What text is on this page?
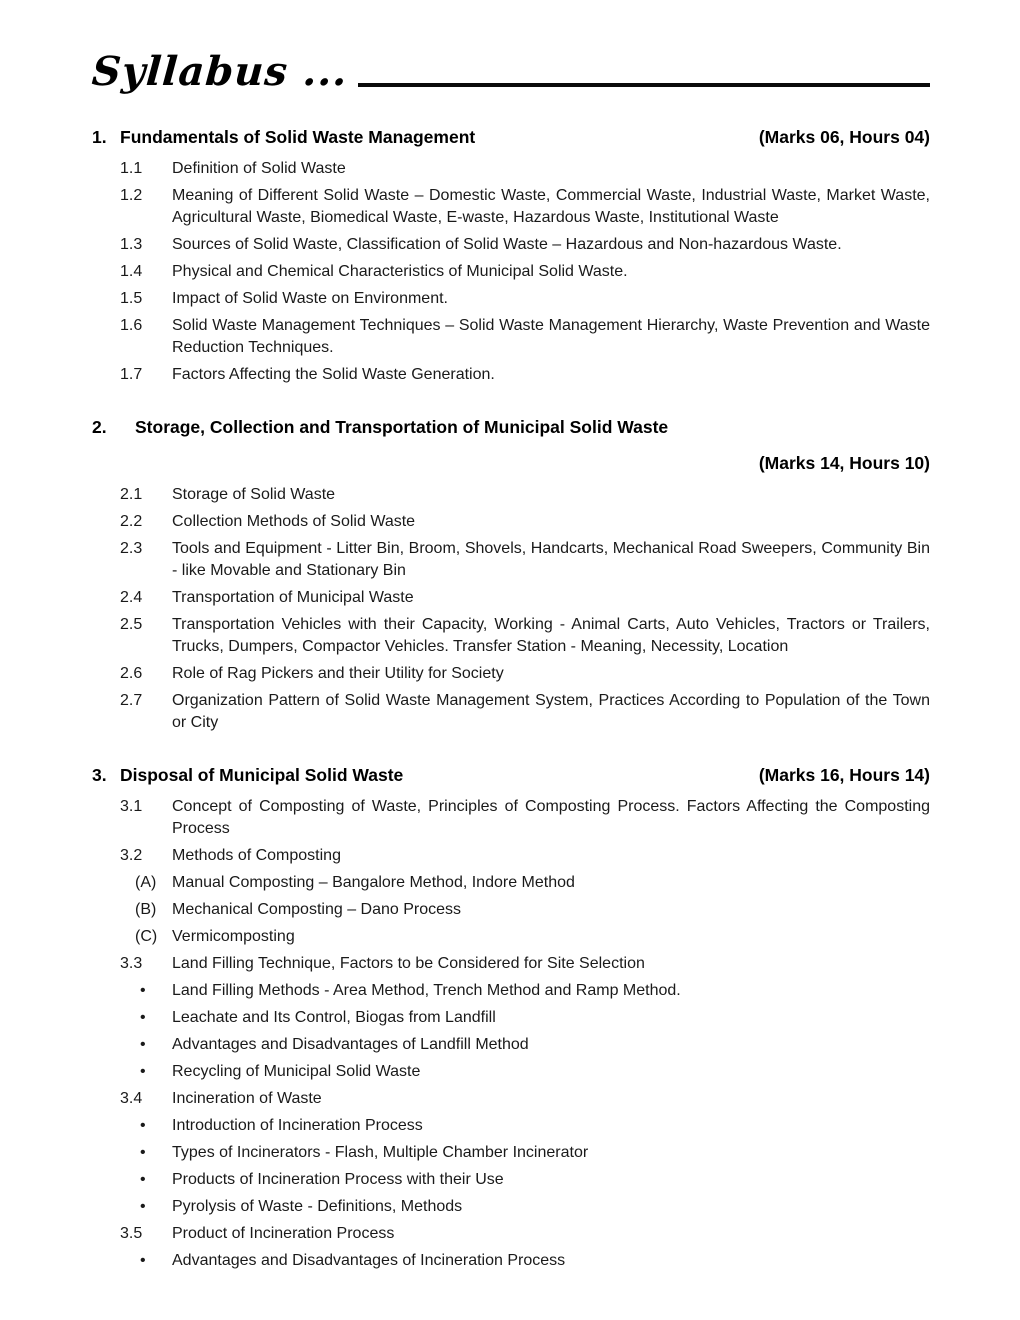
Syllabus ...
1. Fundamentals of Solid Waste Management	(Marks 06, Hours 04)
1.1	Definition of Solid Waste
1.2	Meaning of Different Solid Waste – Domestic Waste, Commercial Waste, Industrial Waste, Market Waste, Agricultural Waste, Biomedical Waste, E-waste, Hazardous Waste, Institutional Waste
1.3	Sources of Solid Waste, Classification of Solid Waste – Hazardous and Non-hazardous Waste.
1.4	Physical and Chemical Characteristics of Municipal Solid Waste.
1.5	Impact of Solid Waste on Environment.
1.6	Solid Waste Management Techniques – Solid Waste Management Hierarchy, Waste Prevention and Waste Reduction Techniques.
1.7	Factors Affecting the Solid Waste Generation.
2.	Storage, Collection and Transportation of Municipal Solid Waste
(Marks 14, Hours 10)
2.1	Storage of Solid Waste
2.2	Collection Methods of Solid Waste
2.3	Tools and Equipment - Litter Bin, Broom, Shovels, Handcarts, Mechanical Road Sweepers, Community Bin - like Movable and Stationary Bin
2.4	Transportation of Municipal Waste
2.5	Transportation Vehicles with their Capacity, Working - Animal Carts, Auto Vehicles, Tractors or Trailers, Trucks, Dumpers, Compactor Vehicles. Transfer Station - Meaning, Necessity, Location
2.6	Role of Rag Pickers and their Utility for Society
2.7	Organization Pattern of Solid Waste Management System, Practices According to Population of the Town or City
3. Disposal of Municipal Solid Waste	(Marks 16, Hours 14)
3.1	Concept of Composting of Waste, Principles of Composting Process. Factors Affecting the Composting Process
3.2	Methods of Composting
(A) Manual Composting – Bangalore Method, Indore Method
(B) Mechanical Composting – Dano Process
(C) Vermicomposting
3.3	Land Filling Technique, Factors to be Considered for Site Selection
•	Land Filling Methods - Area Method, Trench Method and Ramp Method.
•	Leachate and Its Control, Biogas from Landfill
•	Advantages and Disadvantages of Landfill Method
•	Recycling of Municipal Solid Waste
3.4	Incineration of Waste
•	Introduction of Incineration Process
•	Types of Incinerators - Flash, Multiple Chamber Incinerator
•	Products of Incineration Process with their Use
•	Pyrolysis of Waste - Definitions, Methods
3.5	Product of Incineration Process
•	Advantages and Disadvantages of Incineration Process
